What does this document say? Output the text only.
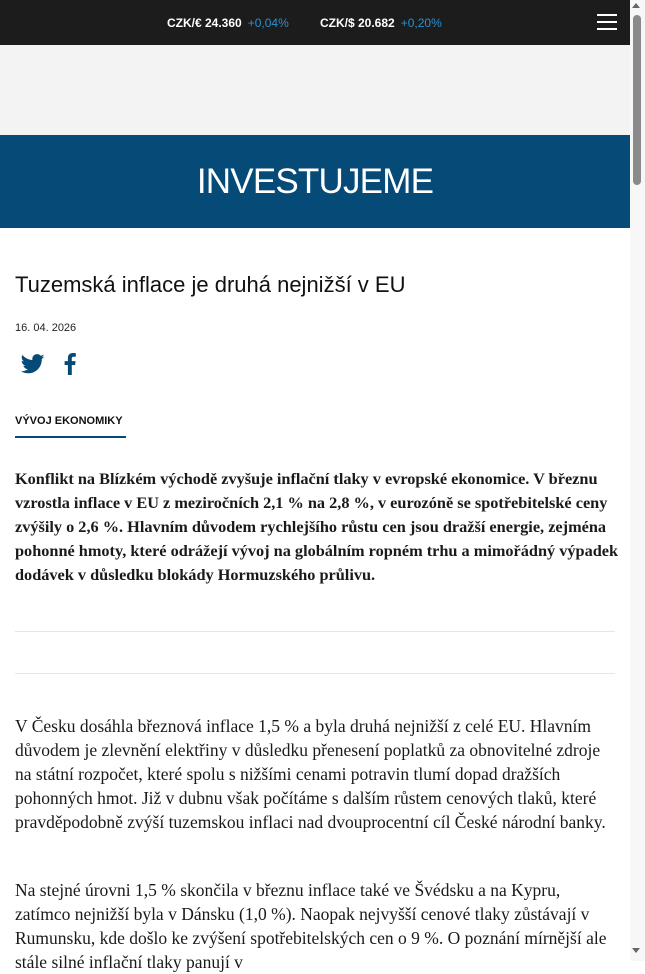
CZK/€ 24.360 +0,04%	CZK/$ 20.682 +0,20%
INVESTUJEME
Tuzemská inflace je druhá nejnižší v EU
16. 04. 2026
VÝVOJ EKONOMIKY

Konflikt na Blízkém východě zvyšuje inflační tlaky v evropské ekonomice. V březnu vzrostla inflace v EU z meziročních 2,1 % na 2,8 %, v eurozóně se spotřebitelské ceny zvýšily o 2,6 %. Hlavním důvodem rychlejšího růstu cen jsou dražší energie, zejména pohonné hmoty, které odrážejí vývoj na globálním ropném trhu a mimořádný výpadek dodávek v důsledku blokády Hormuzského průlivu.

V Česku dosáhla březnová inflace 1,5 % a byla druhá nejnižší z celé EU. Hlavním důvodem je zlevnění elektřiny v důsledku přenesení poplatků za obnovitelné zdroje na státní rozpočet, které spolu s nižšími cenami potravin tlumí dopad dražších pohonných hmot. Již v dubnu však počítáme s dalším růstem cenových tlaků, které pravděpodobně zvýší tuzemskou inflaci nad dvouprocentní cíl České národní banky.

Na stejné úrovni 1,5 % skončila v březnu inflace také ve Švédsku a na Kypru, zatímco nejnižší byla v Dánsku (1,0 %). Naopak nejvyšší cenové tlaky zůstávají v Rumunsku, kde došlo ke zvýšení spotřebitelských cen o 9 %. O poznání mírnější ale stále silné inflační tlaky panují v
